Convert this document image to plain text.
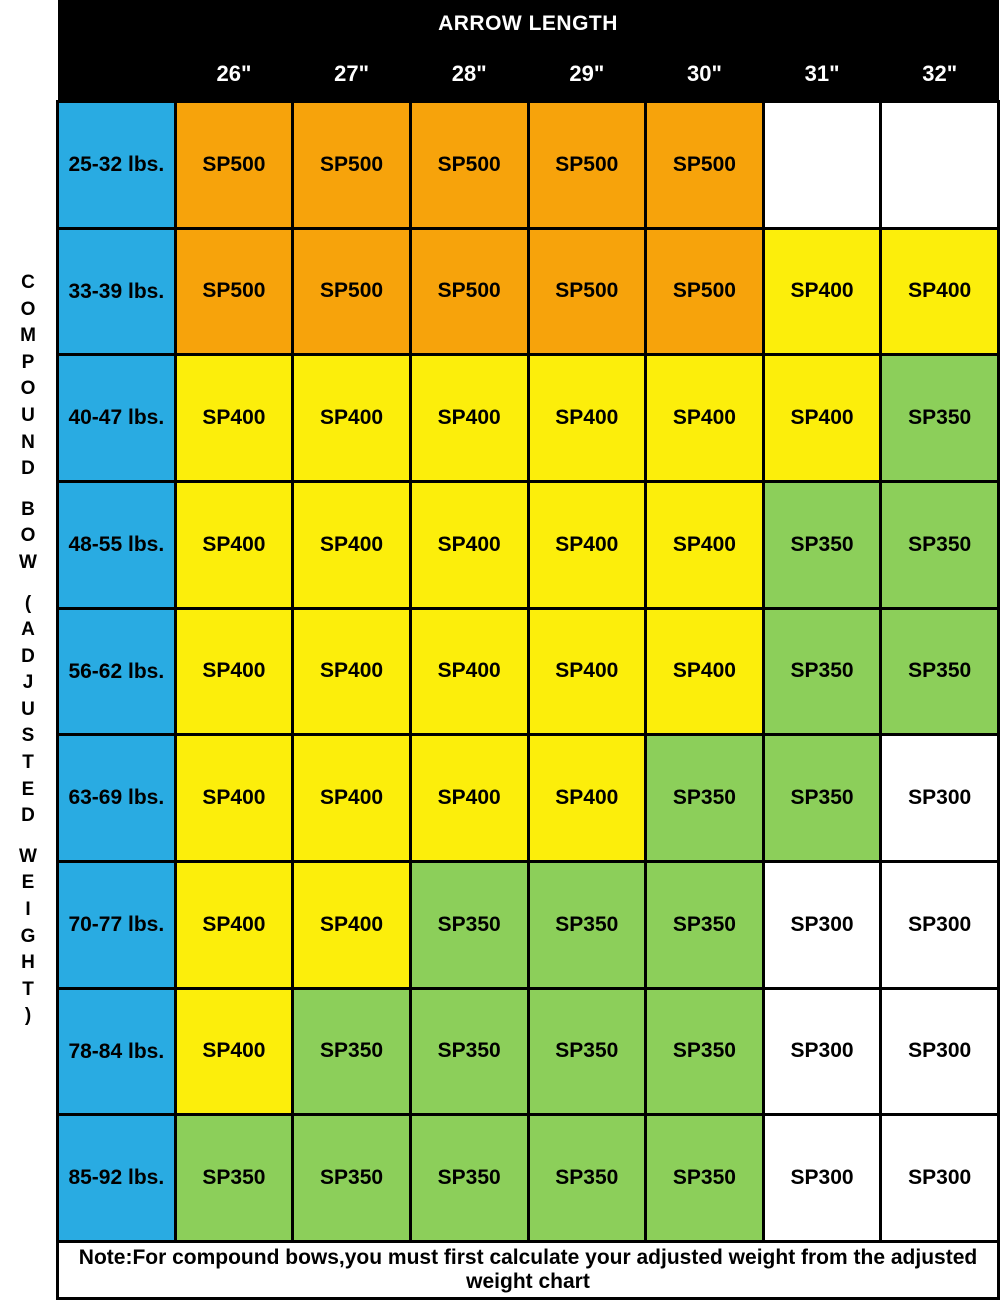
C
O
M
P
O
U
N
D
B
O
W
(
A
D
J
U
S
T
E
D
W
E
I
G
H
T
)
ARROW LENGTH							
	26"	27"	28"	29"	30"	31"	32"
25-32 lbs.	SP500	SP500	SP500	SP500	SP500		
33-39 lbs.	SP500	SP500	SP500	SP500	SP500	SP400	SP400
40-47 lbs.	SP400	SP400	SP400	SP400	SP400	SP400	SP350
48-55 lbs.	SP400	SP400	SP400	SP400	SP400	SP350	SP350
56-62 lbs.	SP400	SP400	SP400	SP400	SP400	SP350	SP350
63-69 lbs.	SP400	SP400	SP400	SP400	SP350	SP350	SP300
70-77 lbs.	SP400	SP400	SP350	SP350	SP350	SP300	SP300
78-84 lbs.	SP400	SP350	SP350	SP350	SP350	SP300	SP300
85-92 lbs.	SP350	SP350	SP350	SP350	SP350	SP300	SP300
Note:For compound bows,you must first calculate your adjusted weight from the adjusted weight chart							
